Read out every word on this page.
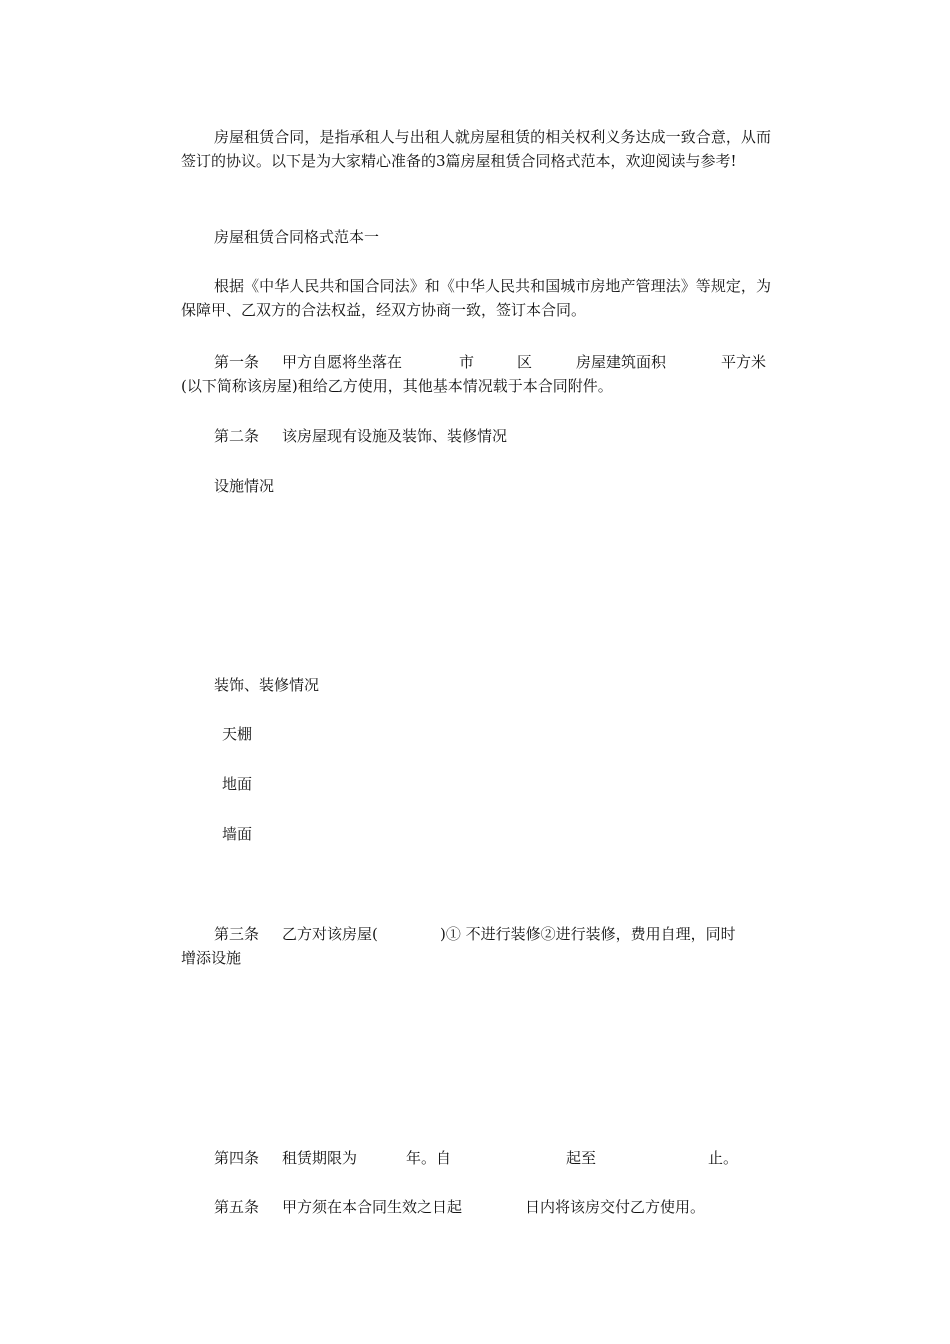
房屋租赁合同，是指承租人与出租人就房屋租赁的相关权利义务达成一致合意，从而签订的协议。以下是为大家精心准备的3篇房屋租赁合同格式范本，欢迎阅读与参考!

房屋租赁合同格式范本一

根据《中华人民共和国合同法》和《中华人民共和国城市房地产管理法》等规定，为保障甲、乙双方的合法权益，经双方协商一致，签订本合同。

第一条 甲方自愿将坐落在	市	区	房屋建筑面积	平方米
(以下简称该房屋)租给乙方使用，其他基本情况载于本合同附件。
第二条 该房屋现有设施及装饰、装修情况
设施情况
装饰、装修情况
天棚
地面
墙面
第三条 乙方对该房屋(	)① 不进行装修②进行装修，费用自理，同时
增添设施
第四条 租赁期限为	年。自	起至	止。
第五条 甲方须在本合同生效之日起	日内将该房交付乙方使用。
